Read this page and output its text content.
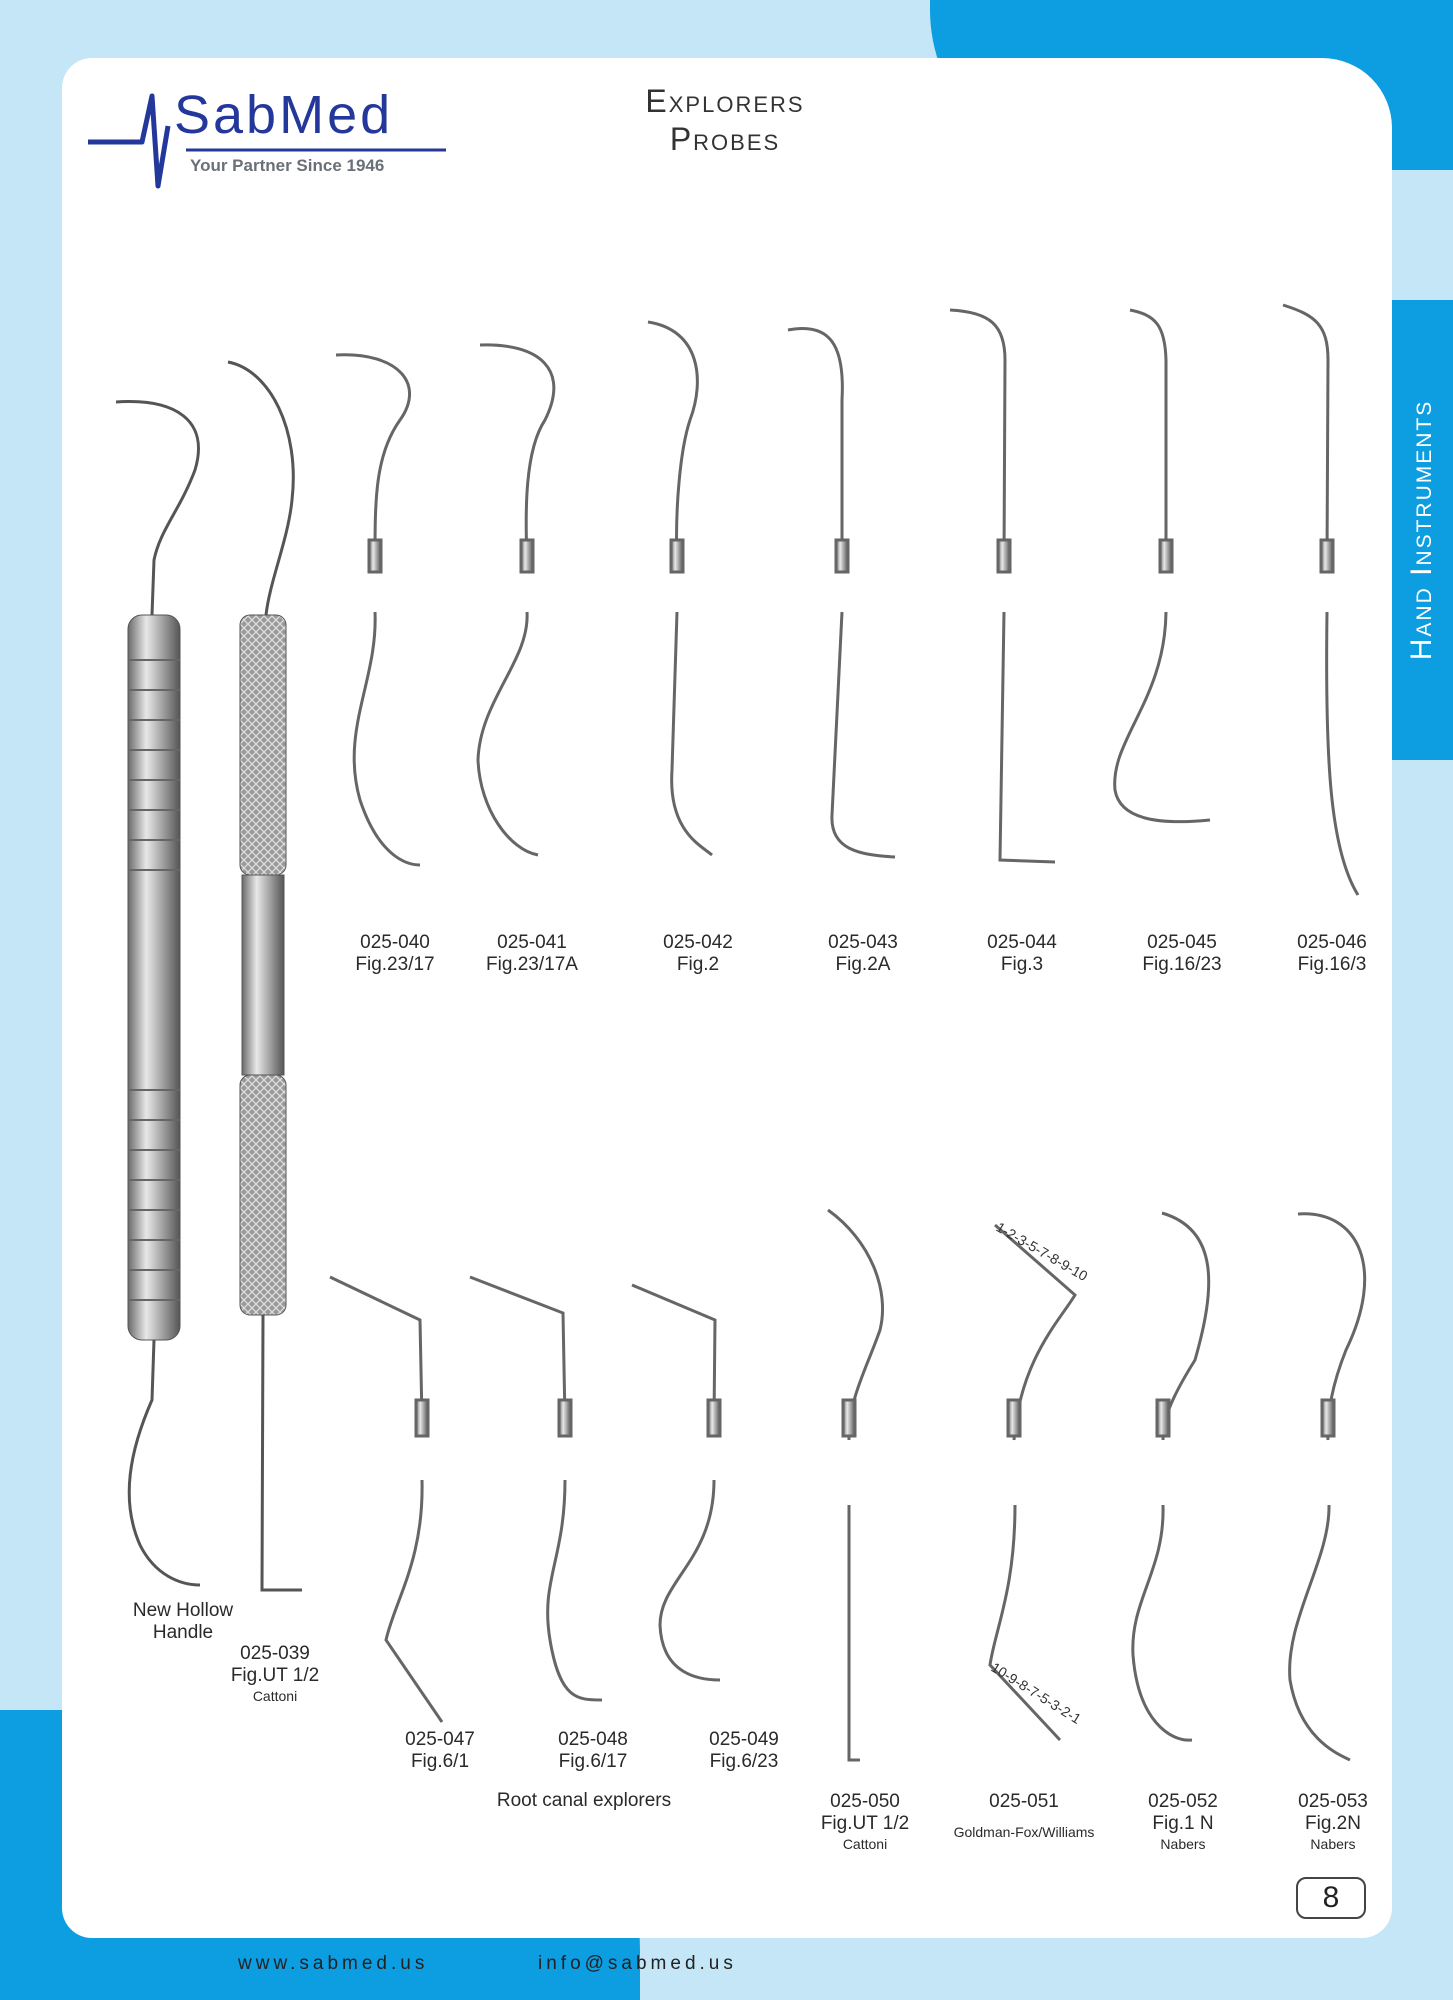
Hand Instruments
SabMed
Your Partner Since 1946
Explorers
Probes
1-2-3-5-7-8-9-10
10-9-8-7-5-3-2-1
New Hollow
Handle
025-039
Fig.UT 1/2
Cattoni
025-040
Fig.23/17
025-041
Fig.23/17A
025-042
Fig.2
025-043
Fig.2A
025-044
Fig.3
025-045
Fig.16/23
025-046
Fig.16/3
025-047
Fig.6/1
025-048
Fig.6/17
025-049
Fig.6/23
Root canal explorers	025-050
Fig.UT 1/2
Cattoni
025-051
Goldman-Fox/Williams
025-052
Fig.1 N
Nabers
025-053
Fig.2N
Nabers
8
www.sabmed.us	info@sabmed.us
